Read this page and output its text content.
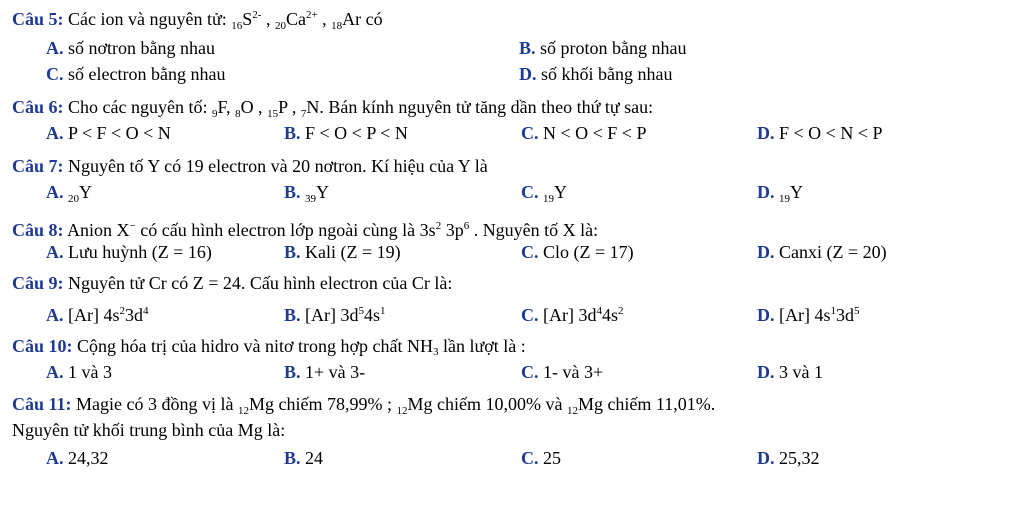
Câu 5: Các ion và nguyên tử: $_{16}S^{2-}$ , $_{20}Ca^{2+}$ , $_{18}$Ar có
A. số nơtron bằng nhau	B. số proton bằng nhau
C. số electron bằng nhau	D. số khối bằng nhau
Câu 6: Cho các nguyên tố: $_9$F, $_8$O , $_{15}$P , $_7$N. Bán kính nguyên tử tăng dần theo thứ tự sau:
A. P < F < O < N	B. F < O < P < N	C. N < O < F < P	D. F < O < N < P
Câu 7: Nguyên tố Y có 19 electron và 20 nơtron. Kí hiệu của Y là
A. $_{20}$Y	B. $_{39}$Y	C. $_{19}$Y	D. $_{19}$Y
Câu 8: Anion X− có cấu hình electron lớp ngoài cùng là $3s^2$ $3p^6$ . Nguyên tố X là:
A. Lưu huỳnh (Z = 16)	B. Kali (Z = 19)	C. Clo (Z = 17)	D. Canxi (Z = 20)
Câu 9: Nguyên tử Cr có Z = 24. Cấu hình electron của Cr là:
A. [Ar] $4s^23d^4$	B. [Ar] $3d^54s^1$	C. [Ar] $3d^44s^2$	D. [Ar] $4s^13d^5$
Câu 10: Cộng hóa trị của hidro và nitơ trong hợp chất $NH_3$ lần lượt là :
A. 1 và 3	B. 1+ và 3-	C. 1- và 3+	D. 3 và 1
Câu 11: Magie có 3 đồng vị là $_{12}$Mg chiếm 78,99% ; $_{12}$Mg chiếm 10,00% và $_{12}$Mg chiếm 11,01%.
Nguyên tử khối trung bình của Mg là:
A. 24,32	B. 24	C. 25	D. 25,32
